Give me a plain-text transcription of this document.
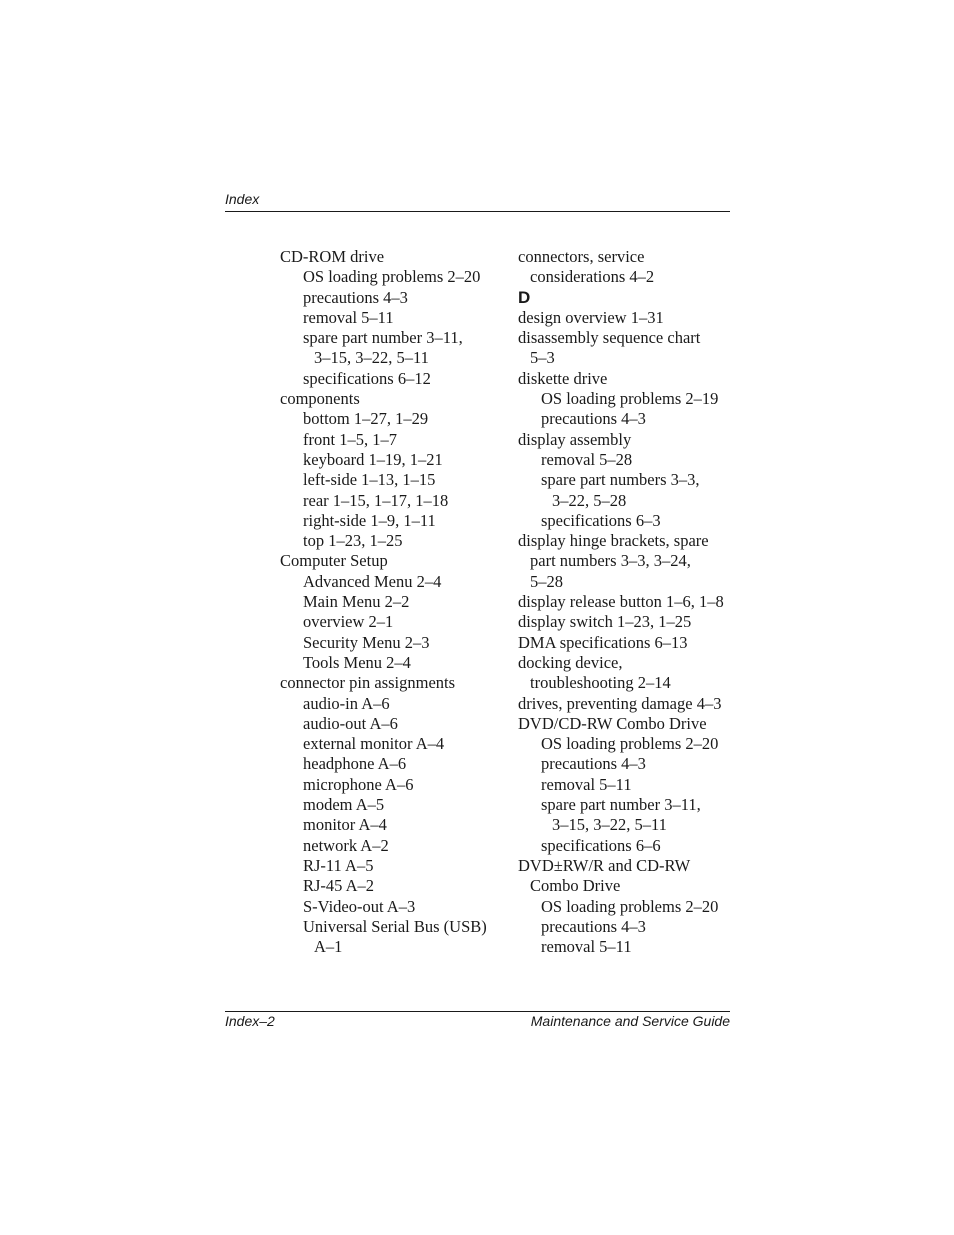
Index
CD-ROM drive
OS loading problems 2–20
precautions 4–3
removal 5–11
spare part number 3–11,
3–15, 3–22, 5–11
specifications 6–12
components
bottom 1–27, 1–29
front 1–5, 1–7
keyboard 1–19, 1–21
left-side 1–13, 1–15
rear 1–15, 1–17, 1–18
right-side 1–9, 1–11
top 1–23, 1–25
Computer Setup
Advanced Menu 2–4
Main Menu 2–2
overview 2–1
Security Menu 2–3
Tools Menu 2–4
connector pin assignments
audio-in A–6
audio-out A–6
external monitor A–4
headphone A–6
microphone A–6
modem A–5
monitor A–4
network A–2
RJ-11 A–5
RJ-45 A–2
S-Video-out A–3
Universal Serial Bus (USB)
A–1
connectors, service
considerations 4–2
D
design overview 1–31
disassembly sequence chart
5–3
diskette drive
OS loading problems 2–19
precautions 4–3
display assembly
removal 5–28
spare part numbers 3–3,
3–22, 5–28
specifications 6–3
display hinge brackets, spare
part numbers 3–3, 3–24,
5–28
display release button 1–6, 1–8
display switch 1–23, 1–25
DMA specifications 6–13
docking device,
troubleshooting 2–14
drives, preventing damage 4–3
DVD/CD-RW Combo Drive
OS loading problems 2–20
precautions 4–3
removal 5–11
spare part number 3–11,
3–15, 3–22, 5–11
specifications 6–6
DVD±RW/R and CD-RW
Combo Drive
OS loading problems 2–20
precautions 4–3
removal 5–11
Index–2	Maintenance and Service Guide
